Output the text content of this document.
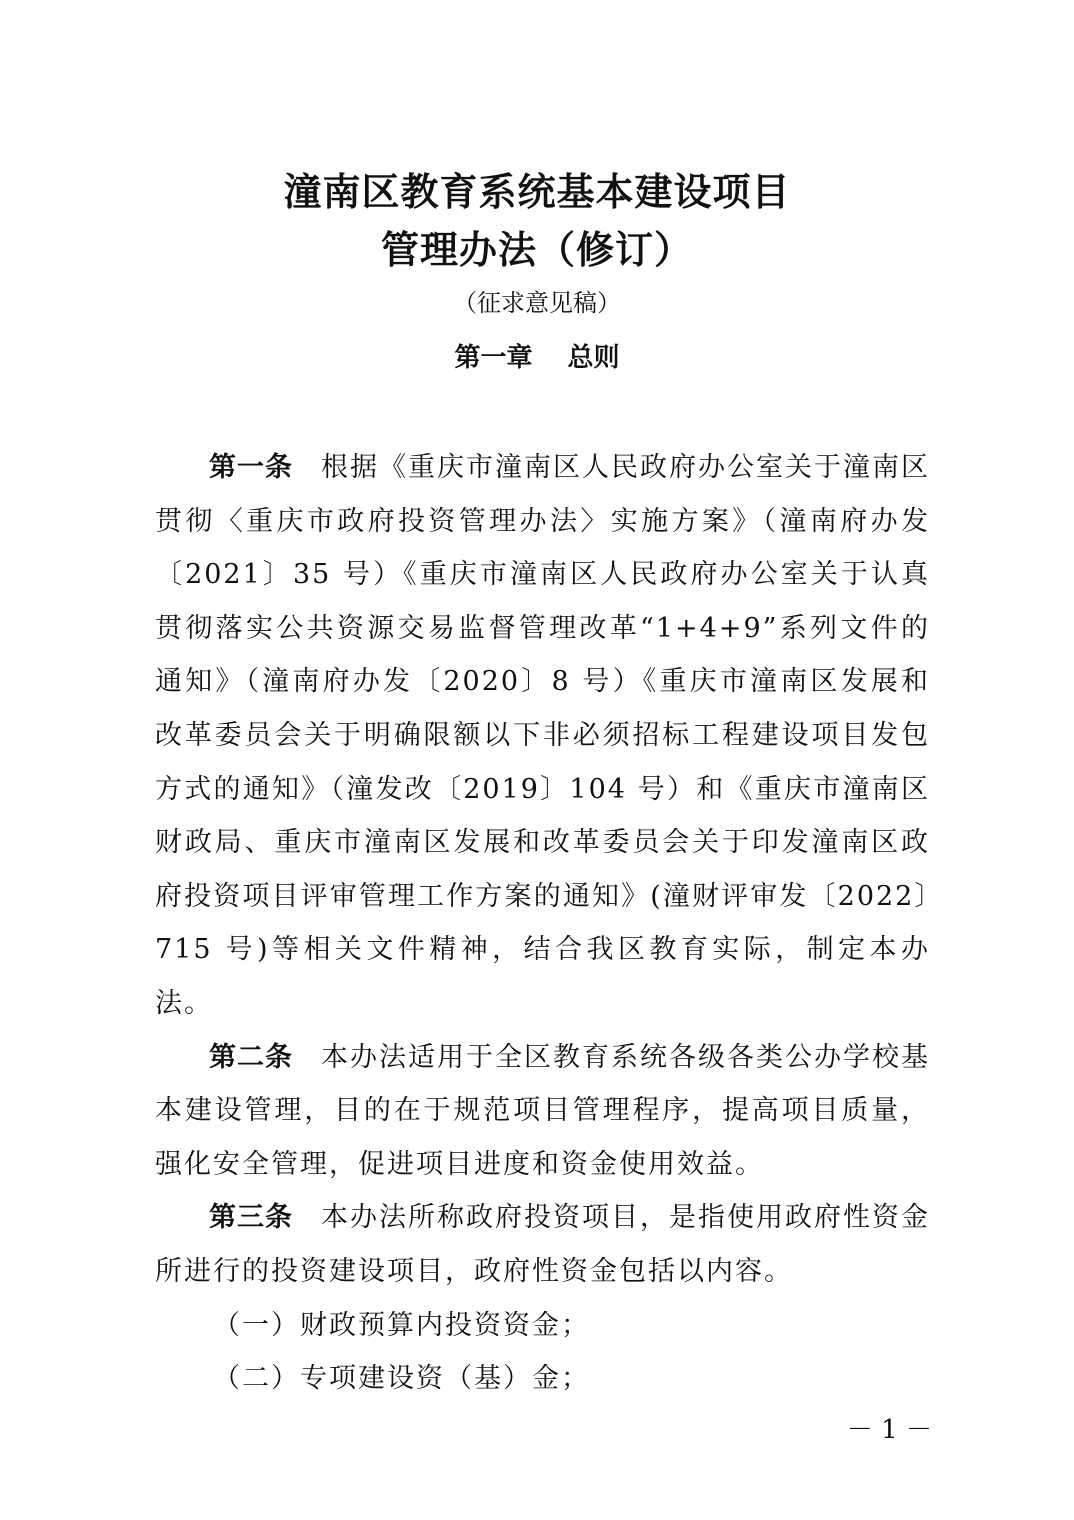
潼南区教育系统基本建设项目
管理办法（修订）
（征求意见稿）
第一章　 总则

第一条 根据《重庆市潼南区人民政府办公室关于潼南区贯彻〈重庆市政府投资管理办法〉实施方案》（潼南府办发〔2021〕35 号）《重庆市潼南区人民政府办公室关于认真贯彻落实公共资源交易监督管理改革“1+4+9”系列文件的通知》（潼南府办发〔2020〕8 号）《重庆市潼南区发展和改革委员会关于明确限额以下非必须招标工程建设项目发包方式的通知》（潼发改〔2019〕104 号）和《重庆市潼南区财政局、重庆市潼南区发展和改革委员会关于印发潼南区政府投资项目评审管理工作方案的通知》(潼财评审发〔2022〕715 号)等相关文件精神，结合我区教育实际，制定本办法。

第二条 本办法适用于全区教育系统各级各类公办学校基本建设管理，目的在于规范项目管理程序，提高项目质量，强化安全管理，促进项目进度和资金使用效益。

第三条 本办法所称政府投资项目，是指使用政府性资金所进行的投资建设项目，政府性资金包括以内容。

（一）财政预算内投资资金；

（二）专项建设资（基）金；

－ 1 －
